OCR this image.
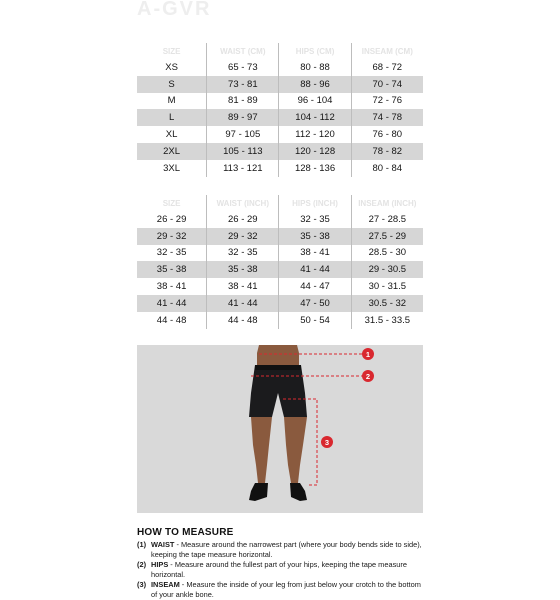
A-GVR
SIZE	WAIST (CM)	HIPS (CM)	INSEAM (CM)
XS	65 - 73	80 - 88	68 - 72
S	73 - 81	88 - 96	70 - 74
M	81 - 89	96 - 104	72 - 76
L	89 - 97	104 - 112	74 - 78
XL	97 - 105	112 - 120	76 - 80
2XL	105 - 113	120 - 128	78 - 82
3XL	113 - 121	128 - 136	80 - 84
SIZE	WAIST (INCH)	HIPS (INCH)	INSEAM (INCH)
26 - 29	26 - 29	32 - 35	27 - 28.5
29 - 32	29 - 32	35 - 38	27.5 - 29
32 - 35	32 - 35	38 - 41	28.5 - 30
35 - 38	35 - 38	41 - 44	29 - 30.5
38 - 41	38 - 41	44 - 47	30 - 31.5
41 - 44	41 - 44	47 - 50	30.5 - 32
44 - 48	44 - 48	50 - 54	31.5 - 33.5
1
2
3
HOW TO MEASURE
(1) WAIST - Measure around the narrowest part (where your body bends side to side), keeping the tape measure horizontal.
(2) HIPS - Measure around the fullest part of your hips, keeping the tape measure horizontal.
(3) INSEAM - Measure the inside of your leg from just below your crotch to the bottom of your ankle bone.
